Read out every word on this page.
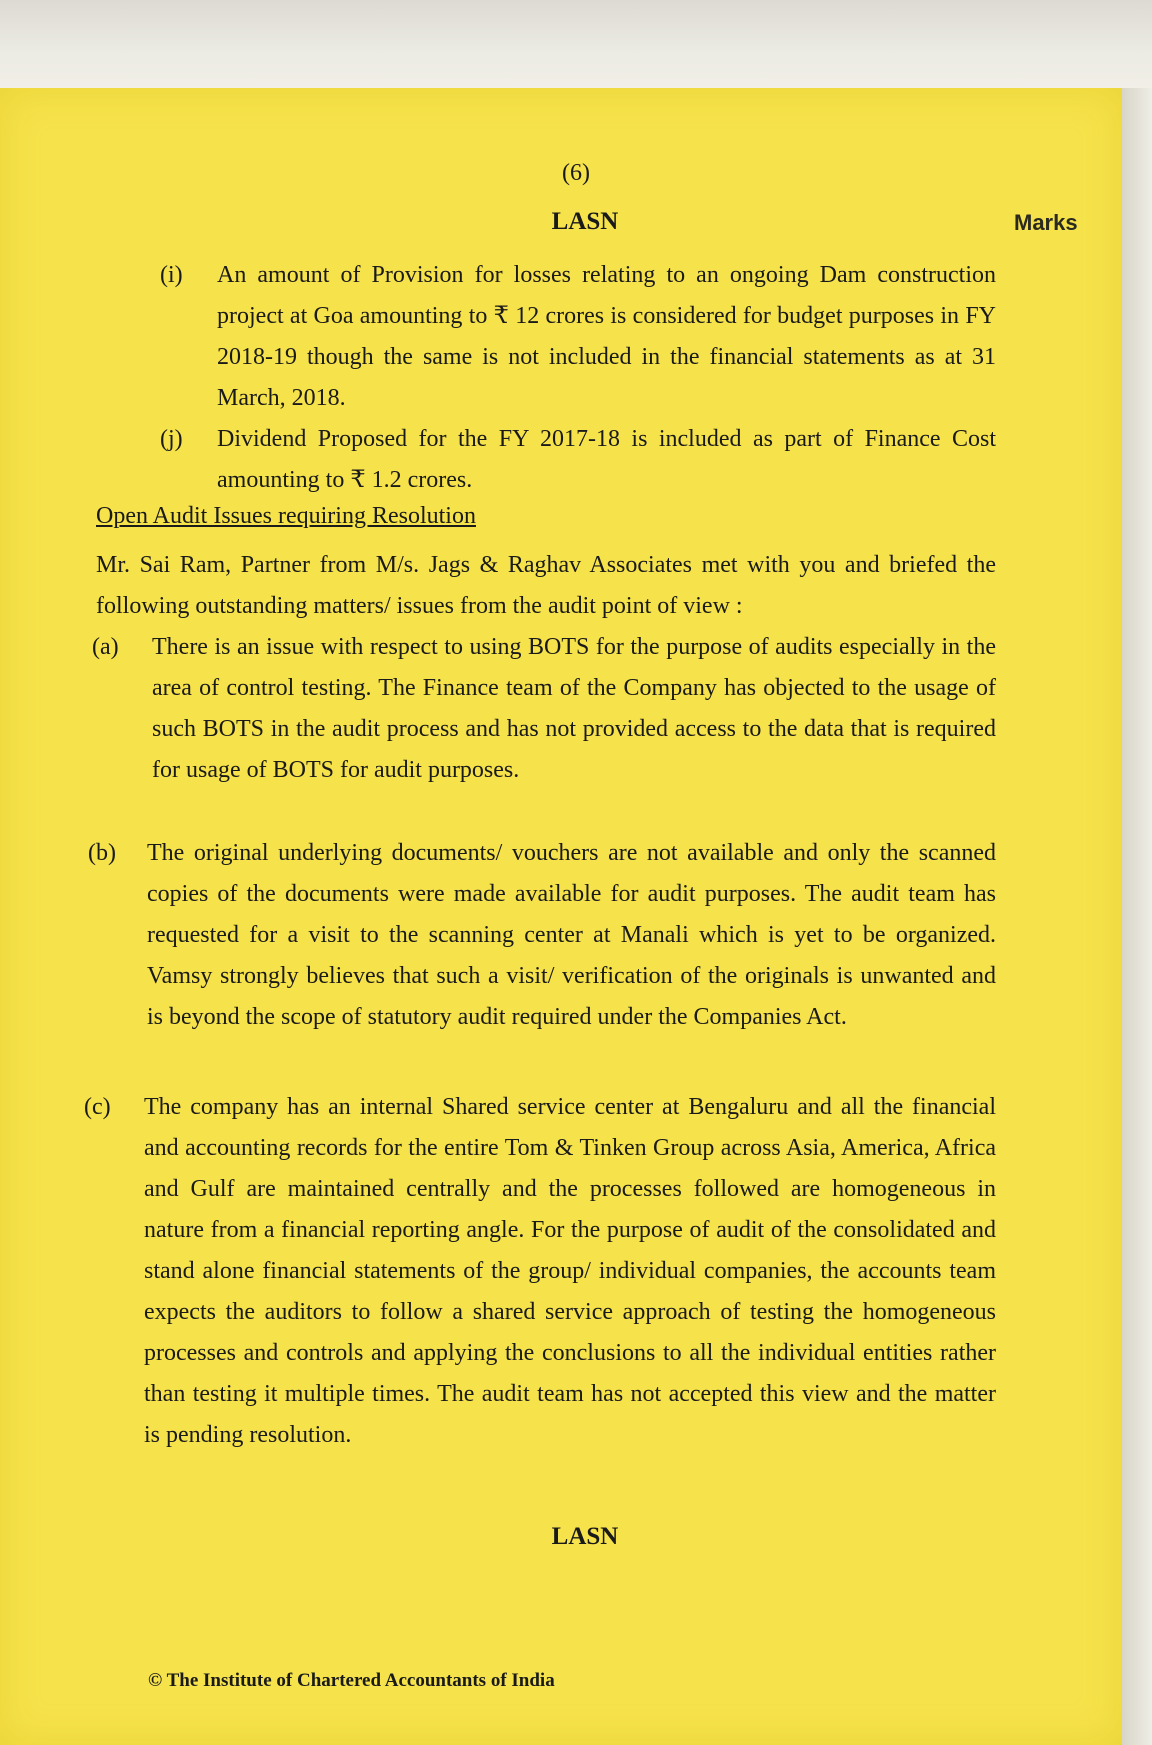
(6)
LASN	Marks
(i) An amount of Provision for losses relating to an ongoing Dam construction project at Goa amounting to ₹ 12 crores is considered for budget purposes in FY 2018-19 though the same is not included in the financial statements as at 31 March, 2018.
(j) Dividend Proposed for the FY 2017-18 is included as part of Finance Cost amounting to ₹ 1.2 crores.
Open Audit Issues requiring Resolution
Mr. Sai Ram, Partner from M/s. Jags & Raghav Associates met with you and briefed the following outstanding matters/ issues from the audit point of view :
(a) There is an issue with respect to using BOTS for the purpose of audits especially in the area of control testing. The Finance team of the Company has objected to the usage of such BOTS in the audit process and has not provided access to the data that is required for usage of BOTS for audit purposes.
(b) The original underlying documents/ vouchers are not available and only the scanned copies of the documents were made available for audit purposes. The audit team has requested for a visit to the scanning center at Manali which is yet to be organized. Vamsy strongly believes that such a visit/ verification of the originals is unwanted and is beyond the scope of statutory audit required under the Companies Act.
(c) The company has an internal Shared service center at Bengaluru and all the financial and accounting records for the entire Tom & Tinken Group across Asia, America, Africa and Gulf are maintained centrally and the processes followed are homogeneous in nature from a financial reporting angle. For the purpose of audit of the consolidated and stand alone financial statements of the group/ individual companies, the accounts team expects the auditors to follow a shared service approach of testing the homogeneous processes and controls and applying the conclusions to all the individual entities rather than testing it multiple times. The audit team has not accepted this view and the matter is pending resolution.
LASN
© The Institute of Chartered Accountants of India
